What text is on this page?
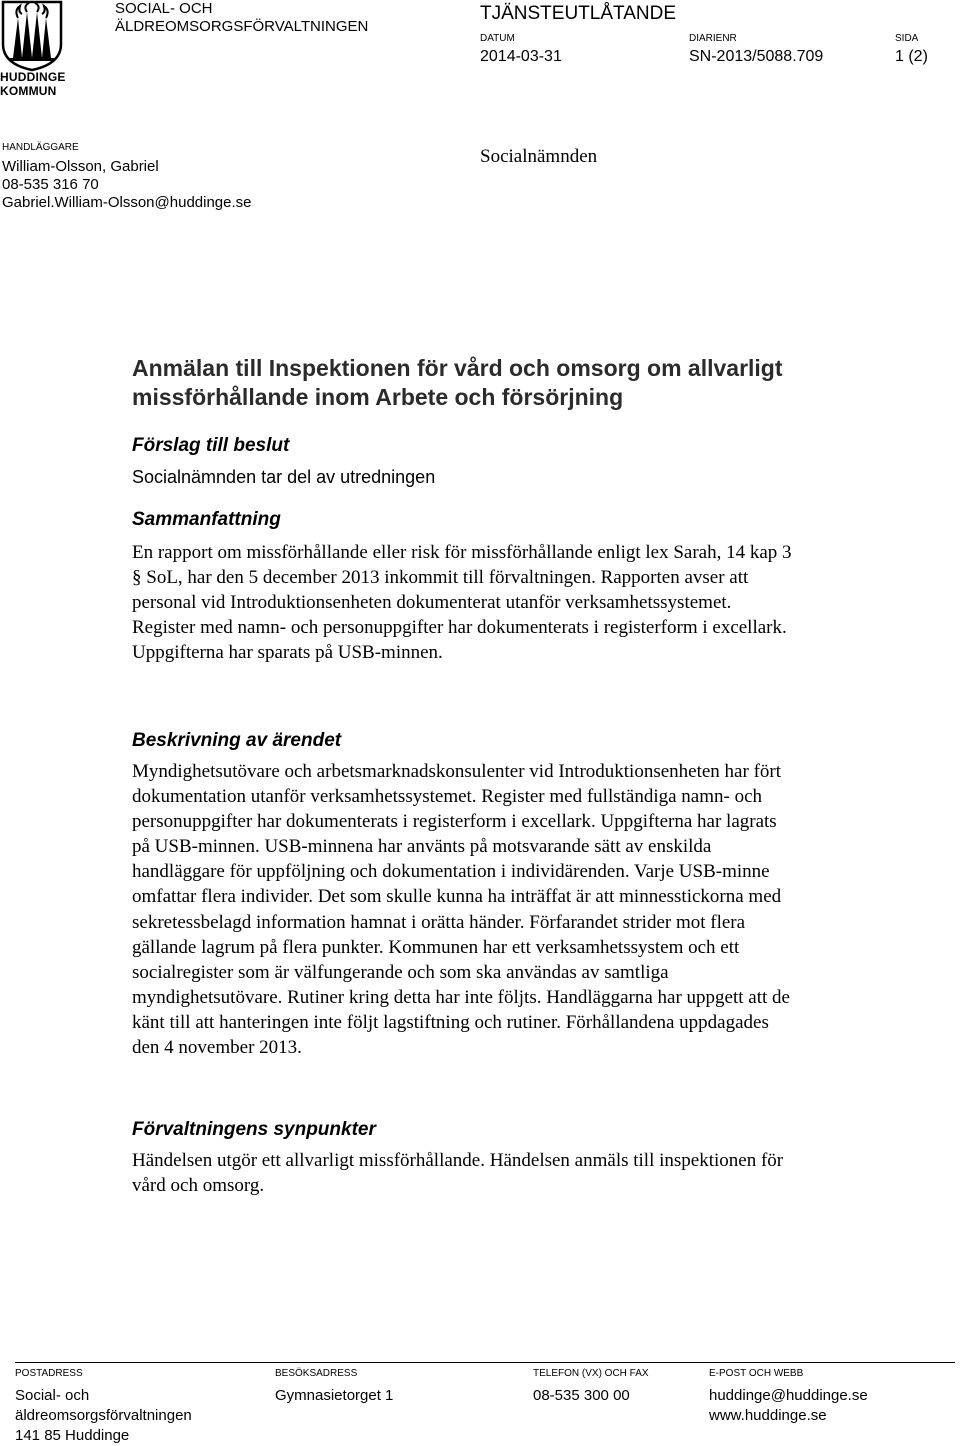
HUDDINGE
KOMMUN
SOCIAL- OCH ÄLDREOMSORGSFÖRVALTNINGEN
TJÄNSTEUTLÅTANDE
DATUM
2014-03-31
DIARIENR
SN-2013/5088.709
SIDA
1 (2)
HANDLÄGGARE
William-Olsson, Gabriel
08-535 316 70
Gabriel.William-Olsson@huddinge.se
Socialnämnden
Anmälan till Inspektionen för vård och omsorg om allvarligt missförhållande inom Arbete och försörjning
Förslag till beslut
Socialnämnden tar del av utredningen
Sammanfattning

En rapport om missförhållande eller risk för missförhållande enligt lex Sarah, 14 kap 3 § SoL, har den 5 december 2013 inkommit till förvaltningen. Rapporten avser att personal vid Introduktionsenheten dokumenterat utanför verksamhetssystemet. Register med namn- och personuppgifter har dokumenterats i registerform i excellark. Uppgifterna har sparats på USB-minnen.

Beskrivning av ärendet

Myndighetsutövare och arbetsmarknadskonsulenter vid Introduktionsenheten har fört dokumentation utanför verksamhetssystemet. Register med fullständiga namn- och personuppgifter har dokumenterats i registerform i excellark. Uppgifterna har lagrats på USB-minnen. USB-minnena har använts på motsvarande sätt av enskilda handläggare för uppföljning och dokumentation i individärenden. Varje USB-minne omfattar flera individer. Det som skulle kunna ha inträffat är att minnesstickorna med sekretessbelagd information hamnat i orätta händer. Förfarandet strider mot flera gällande lagrum på flera punkter. Kommunen har ett verksamhetssystem och ett socialregister som är välfungerande och som ska användas av samtliga myndighetsutövare. Rutiner kring detta har inte följts. Handläggarna har uppgett att de känt till att hanteringen inte följt lagstiftning och rutiner. Förhållandena uppdagades den 4 november 2013.

Förvaltningens synpunkter

Händelsen utgör ett allvarligt missförhållande. Händelsen anmäls till inspektionen för vård och omsorg.

POSTADRESS
Social- och
äldreomsorgsförvaltningen
141 85 Huddinge
BESÖKSADRESS
Gymnasietorget 1
TELEFON (VX) OCH FAX
08-535 300 00
E-POST OCH WEBB
huddinge@huddinge.se
www.huddinge.se
